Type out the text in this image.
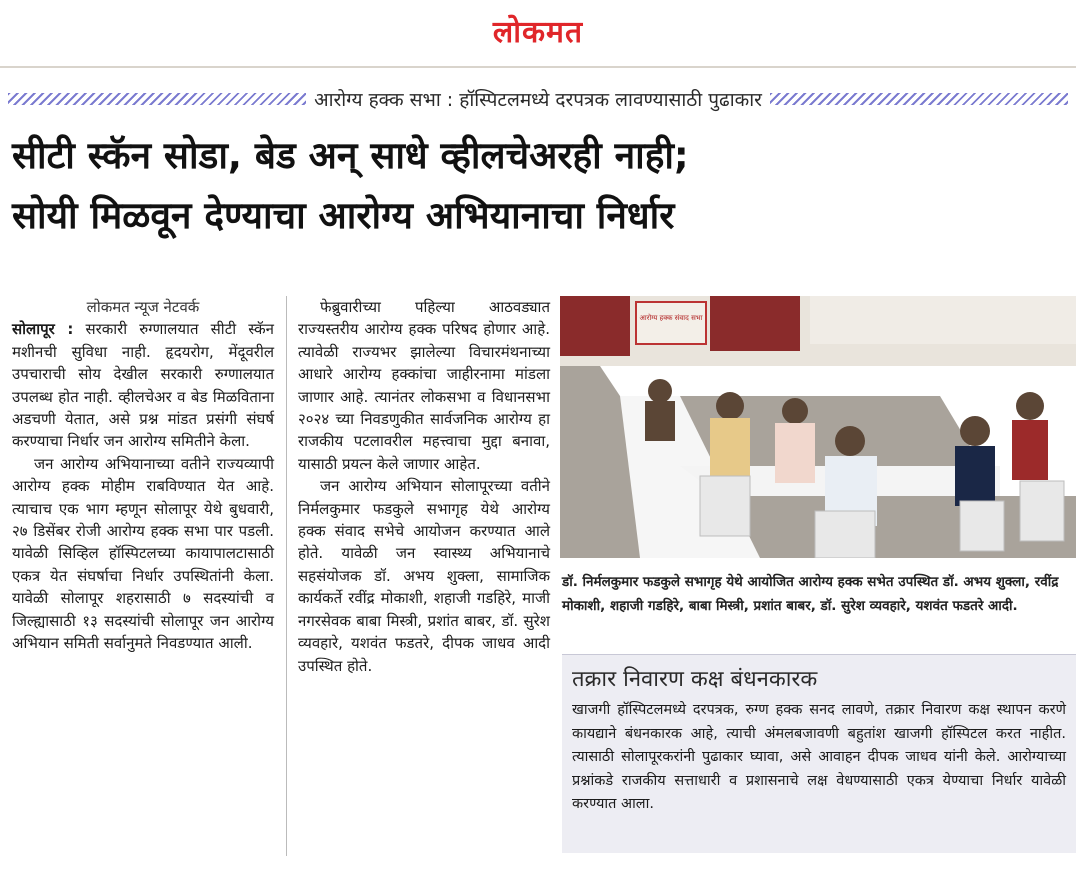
लोकमत
आरोग्य हक्क सभा : हॉस्पिटलमध्ये दरपत्रक लावण्यासाठी पुढाकार
सीटी स्कॅन सोडा, बेड अन् साधे व्हीलचेअरही नाही;
सोयी मिळवून देण्याचा आरोग्य अभियानाचा निर्धार

लोकमत न्यूज नेटवर्क

सोलापूर : सरकारी रुग्णालयात सीटी स्कॅन मशीनची सुविधा नाही. हृदयरोग, मेंदूवरील उपचाराची सोय देखील सरकारी रुग्णालयात उपलब्ध होत नाही. व्हीलचेअर व बेड मिळविताना अडचणी येतात, असे प्रश्न मांडत प्रसंगी संघर्ष करण्याचा निर्धार जन आरोग्य समितीने केला.

जन आरोग्य अभियानाच्या वतीने राज्यव्यापी आरोग्य हक्क मोहीम राबविण्यात येत आहे. त्याचाच एक भाग म्हणून सोलापूर येथे बुधवारी, २७ डिसेंबर रोजी आरोग्य हक्क सभा पार पडली. यावेळी सिव्हिल हॉस्पिटलच्या कायापालटासाठी एकत्र येत संघर्षाचा निर्धार उपस्थितांनी केला. यावेळी सोलापूर शहरासाठी ७ सदस्यांची व जिल्ह्यासाठी १३ सदस्यांची सोलापूर जन आरोग्य अभियान समिती सर्वानुमते निवडण्यात आली.

फेब्रुवारीच्या पहिल्या आठवड्यात राज्यस्तरीय आरोग्य हक्क परिषद होणार आहे. त्यावेळी राज्यभर झालेल्या विचारमंथनाच्या आधारे आरोग्य हक्कांचा जाहीरनामा मांडला जाणार आहे. त्यानंतर लोकसभा व विधानसभा २०२४ च्या निवडणुकीत सार्वजनिक आरोग्य हा राजकीय पटलावरील महत्त्वाचा मुद्दा बनावा, यासाठी प्रयत्न केले जाणार आहेत.

जन आरोग्य अभियान सोलापूरच्या वतीने निर्मलकुमार फडकुले सभागृह येथे आरोग्य हक्क संवाद सभेचे आयोजन करण्यात आले होते. यावेळी जन स्वास्थ्य अभियानाचे सहसंयोजक डॉ. अभय शुक्ला, सामाजिक कार्यकर्ते रवींद्र मोकाशी, शहाजी गडहिरे, माजी नगरसेवक बाबा मिस्त्री, प्रशांत बाबर, डॉ. सुरेश व्यवहारे, यशवंत फडतरे, दीपक जाधव आदी उपस्थित होते.

आरोग्य हक्क संवाद सभा
डॉ. निर्मलकुमार फडकुले सभागृह येथे आयोजित आरोग्य हक्क सभेत उपस्थित डॉ. अभय शुक्ला, रवींद्र मोकाशी, शहाजी गडहिरे, बाबा मिस्त्री, प्रशांत बाबर, डॉ. सुरेश व्यवहारे, यशवंत फडतरे आदी.
तक्रार निवारण कक्ष बंधनकारक
खाजगी हॉस्पिटलमध्ये दरपत्रक, रुग्ण हक्क सनद लावणे, तक्रार निवारण कक्ष स्थापन करणे कायद्याने बंधनकारक आहे, त्याची अंमलबजावणी बहुतांश खाजगी हॉस्पिटल करत नाहीत. त्यासाठी सोलापूरकरांनी पुढाकार घ्यावा, असे आवाहन दीपक जाधव यांनी केले. आरोग्याच्या प्रश्नांकडे राजकीय सत्ताधारी व प्रशासनाचे लक्ष वेधण्यासाठी एकत्र येण्याचा निर्धार यावेळी करण्यात आला.
